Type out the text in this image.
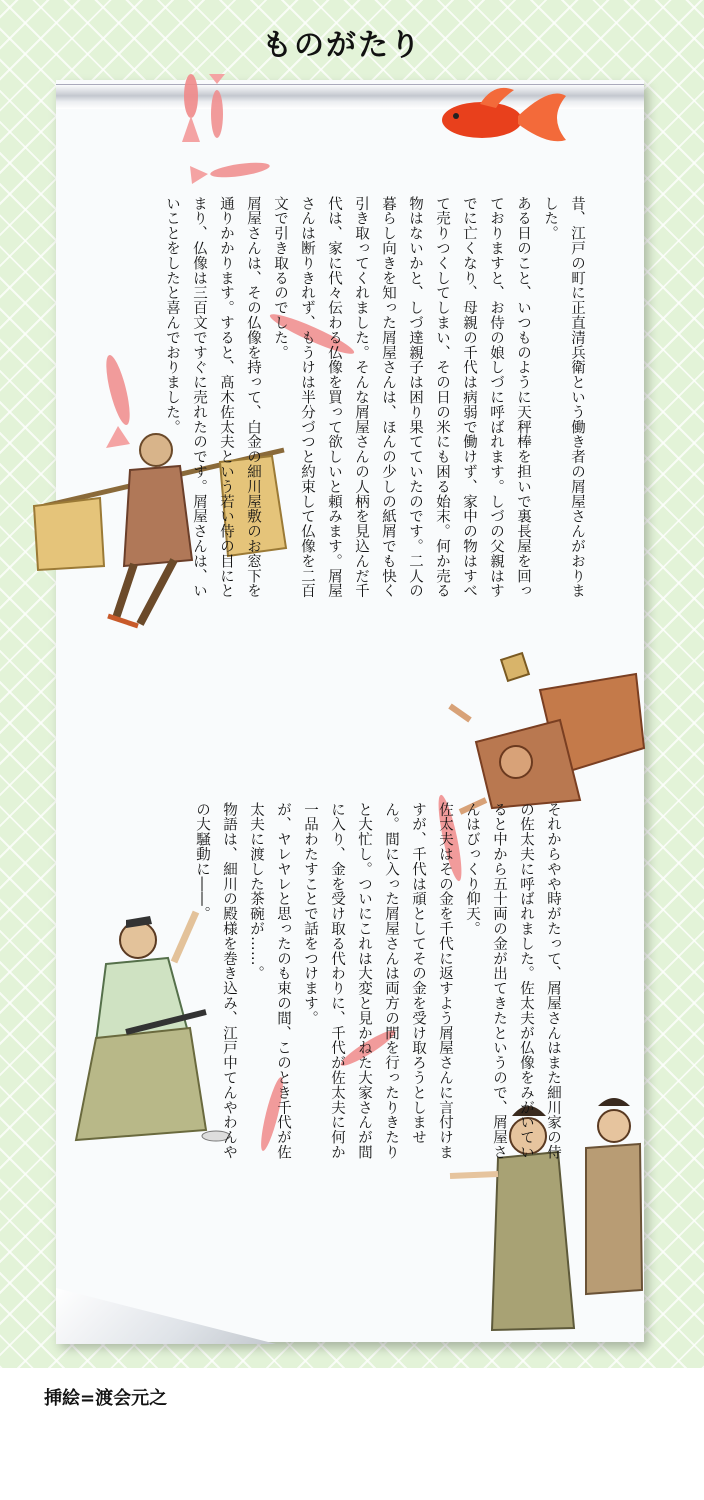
ものがたり

昔、江戸の町に正直清兵衛という働き者の屑屋さんがおりました。

ある日のこと、いつものように天秤棒を担いで裏長屋を回っておりますと、お侍の娘しづに呼ばれます。しづの父親はすでに亡くなり、母親の千代は病弱で働けず、家中の物はすべて売りつくしてしまい、その日の米にも困る始末。何か売る物はないかと、しづ達親子は困り果てていたのです。二人の暮らし向きを知った屑屋さんは、ほんの少しの紙屑でも快く引き取ってくれました。そんな屑屋さんの人柄を見込んだ千代は、家に代々伝わる仏像を買って欲しいと頼みます。屑屋さんは断りきれず、もうけは半分づつと約束して仏像を二百文で引き取るのでした。

屑屋さんは、その仏像を持って、白金の細川屋敷のお窓下を通りかかります。すると、髙木佐太夫という若い侍の目にとまり、仏像は三百文ですぐに売れたのです。屑屋さんは、いいことをしたと喜んでおりました。

それからやや時がたって、屑屋さんはまた細川家の侍の佐太夫に呼ばれました。佐太夫が仏像をみがいていると中から五十両の金が出てきたというので、屑屋さんはびっくり仰天。

佐太夫はその金を千代に返すよう屑屋さんに言付けますが、千代は頑としてその金を受け取ろうとしません。間に入った屑屋さんは両方の間を行ったりきたりと大忙し。ついにこれは大変と見かねた大家さんが間に入り、金を受け取る代わりに、千代が佐太夫に何か一品わたすことで話をつけます。

が、ヤレヤレと思ったのも束の間、このとき千代が佐太夫に渡した茶碗が……。

物語は、細川の殿様を巻き込み、江戸中てんやわんやの大騒動に――。

挿絵=渡会元之
